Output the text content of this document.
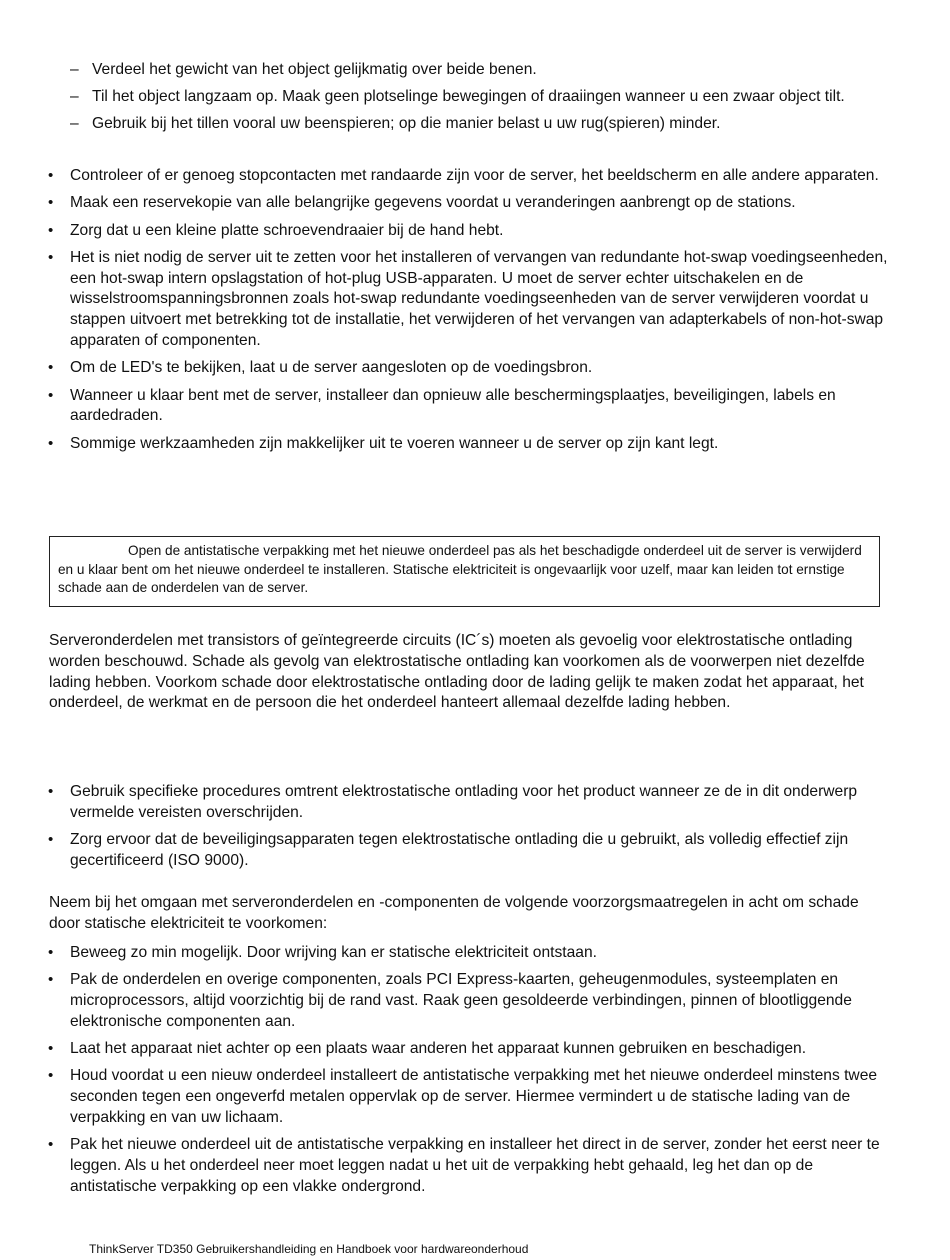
– Verdeel het gewicht van het object gelijkmatig over beide benen.
– Til het object langzaam op. Maak geen plotselinge bewegingen of draaiingen wanneer u een zwaar object tilt.
– Gebruik bij het tillen vooral uw beenspieren; op die manier belast u uw rug(spieren) minder.
• Controleer of er genoeg stopcontacten met randaarde zijn voor de server, het beeldscherm en alle andere apparaten.
• Maak een reservekopie van alle belangrijke gegevens voordat u veranderingen aanbrengt op de stations.
• Zorg dat u een kleine platte schroevendraaier bij de hand hebt.
• Het is niet nodig de server uit te zetten voor het installeren of vervangen van redundante hot-swap voedingseenheden, een hot-swap intern opslagstation of hot-plug USB-apparaten. U moet de server echter uitschakelen en de wisselstroomspanningsbronnen zoals hot-swap redundante voedingseenheden van de server verwijderen voordat u stappen uitvoert met betrekking tot de installatie, het verwijderen of het vervangen van adapterkabels of non-hot-swap apparaten of componenten.
• Om de LED's te bekijken, laat u de server aangesloten op de voedingsbron.
• Wanneer u klaar bent met de server, installeer dan opnieuw alle beschermingsplaatjes, beveiligingen, labels en aardedraden.
• Sommige werkzaamheden zijn makkelijker uit te voeren wanneer u de server op zijn kant legt.
Open de antistatische verpakking met het nieuwe onderdeel pas als het beschadigde onderdeel uit de server is verwijderd en u klaar bent om het nieuwe onderdeel te installeren. Statische elektriciteit is ongevaarlijk voor uzelf, maar kan leiden tot ernstige schade aan de onderdelen van de server.

Serveronderdelen met transistors of geïntegreerde circuits (IC´s) moeten als gevoelig voor elektrostatische ontlading worden beschouwd. Schade als gevolg van elektrostatische ontlading kan voorkomen als de voorwerpen niet dezelfde lading hebben. Voorkom schade door elektrostatische ontlading door de lading gelijk te maken zodat het apparaat, het onderdeel, de werkmat en de persoon die het onderdeel hanteert allemaal dezelfde lading hebben.

• Gebruik specifieke procedures omtrent elektrostatische ontlading voor het product wanneer ze de in dit onderwerp vermelde vereisten overschrijden.
• Zorg ervoor dat de beveiligingsapparaten tegen elektrostatische ontlading die u gebruikt, als volledig effectief zijn gecertificeerd (ISO 9000).

Neem bij het omgaan met serveronderdelen en -componenten de volgende voorzorgsmaatregelen in acht om schade door statische elektriciteit te voorkomen:

• Beweeg zo min mogelijk. Door wrijving kan er statische elektriciteit ontstaan.
• Pak de onderdelen en overige componenten, zoals PCI Express-kaarten, geheugenmodules, systeemplaten en microprocessors, altijd voorzichtig bij de rand vast. Raak geen gesoldeerde verbindingen, pinnen of blootliggende elektronische componenten aan.
• Laat het apparaat niet achter op een plaats waar anderen het apparaat kunnen gebruiken en beschadigen.
• Houd voordat u een nieuw onderdeel installeert de antistatische verpakking met het nieuwe onderdeel minstens twee seconden tegen een ongeverfd metalen oppervlak op de server. Hiermee vermindert u de statische lading van de verpakking en van uw lichaam.
• Pak het nieuwe onderdeel uit de antistatische verpakking en installeer het direct in de server, zonder het eerst neer te leggen. Als u het onderdeel neer moet leggen nadat u het uit de verpakking hebt gehaald, leg het dan op de antistatische verpakking op een vlakke ondergrond.
ThinkServer TD350 Gebruikershandleiding en Handboek voor hardwareonderhoud
